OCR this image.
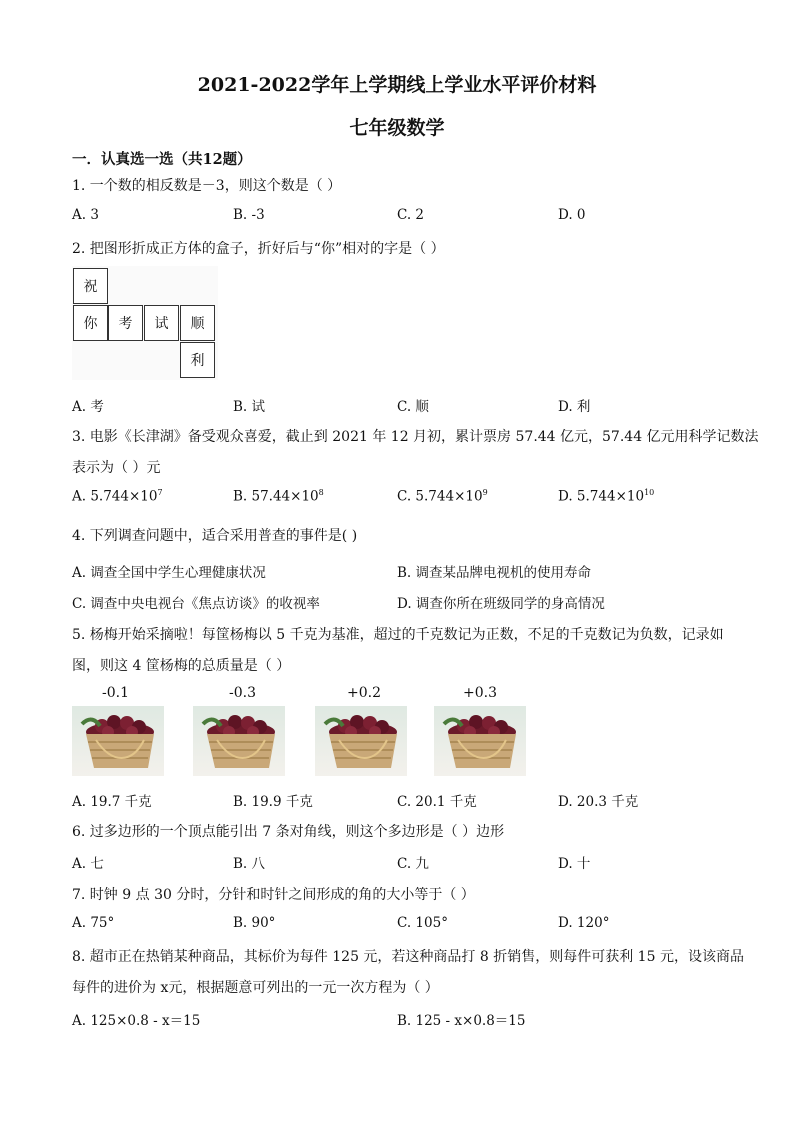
2021-2022学年上学期线上学业水平评价材料
七年级数学
一．认真选一选（共12题）
1. 一个数的相反数是－3，则这个数是（ ）
A. 3	B. -3	C. 2	D. 0
2. 把图形折成正方体的盒子，折好后与“你”相对的字是（ ）
祝
你	考	试	顺
利
A. 考	B. 试	C. 顺	D. 利
3. 电影《长津湖》备受观众喜爱，截止到 2021 年 12 月初，累计票房 57.44 亿元，57.44 亿元用科学记数法
表示为（ ）元
A. $5.744\times 10^7$	B. $57.44\times 10^8$	C. $5.744\times 10^9$	D. $5.744\times 10^{10}$
4. 下列调查问题中，适合采用普查的事件是( )
A. 调查全国中学生心理健康状况	B. 调查某品牌电视机的使用寿命
C. 调查中央电视台《焦点访谈》的收视率	D. 调查你所在班级同学的身高情况
5. 杨梅开始采摘啦！每筐杨梅以 5 千克为基准，超过的千克数记为正数，不足的千克数记为负数，记录如
图，则这 4 筐杨梅的总质量是（ ）
-0.1	-0.3	+0.2	+0.3
A. 19.7 千克	B. 19.9 千克	C. 20.1 千克	D. 20.3 千克
6. 过多边形的一个顶点能引出 7 条对角线，则这个多边形是（ ）边形
A. 七	B. 八	C. 九	D. 十
7. 时钟 9 点 30 分时，分针和时针之间形成的角的大小等于（ ）
A. 75°	B. 90°	C. 105°	D. 120°
8. 超市正在热销某种商品，其标价为每件 125 元，若这种商品打 8 折销售，则每件可获利 15 元，设该商品
每件的进价为 x元，根据题意可列出的一元一次方程为（ ）
A. 125×0.8 - x＝15	B. 125 - x×0.8＝15
